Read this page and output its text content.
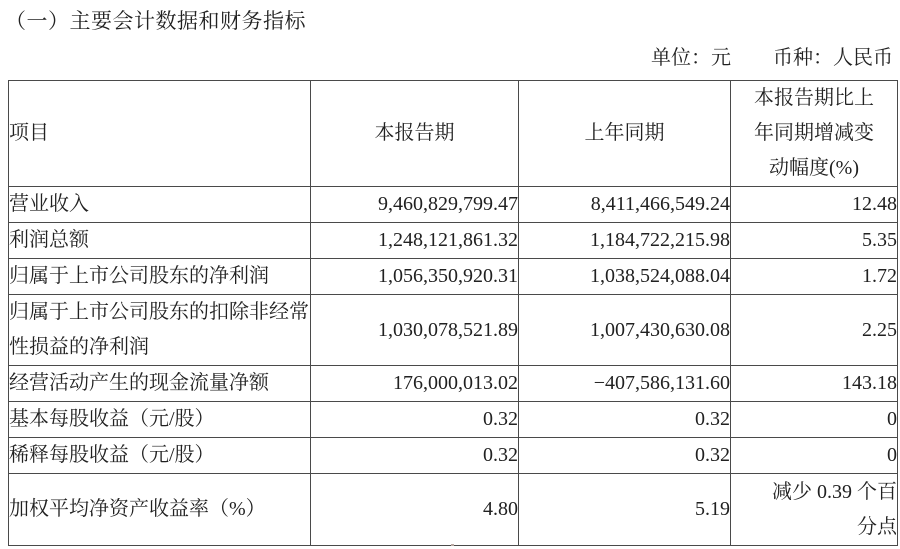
（一）主要会计数据和财务指标
单位：元 币种：人民币
项目	本报告期	上年同期	本报告期比上年同期增减变动幅度(%)
营业收入	9,460,829,799.47	8,411,466,549.24	12.48
利润总额	1,248,121,861.32	1,184,722,215.98	5.35
归属于上市公司股东的净利润	1,056,350,920.31	1,038,524,088.04	1.72
归属于上市公司股东的扣除非经常性损益的净利润	1,030,078,521.89	1,007,430,630.08	2.25
经营活动产生的现金流量净额	176,000,013.02	−407,586,131.60	143.18
基本每股收益（元/股）	0.32	0.32	0
稀释每股收益（元/股）	0.32	0.32	0
加权平均净资产收益率（%）	4.80	5.19	减少 0.39 个百分点
